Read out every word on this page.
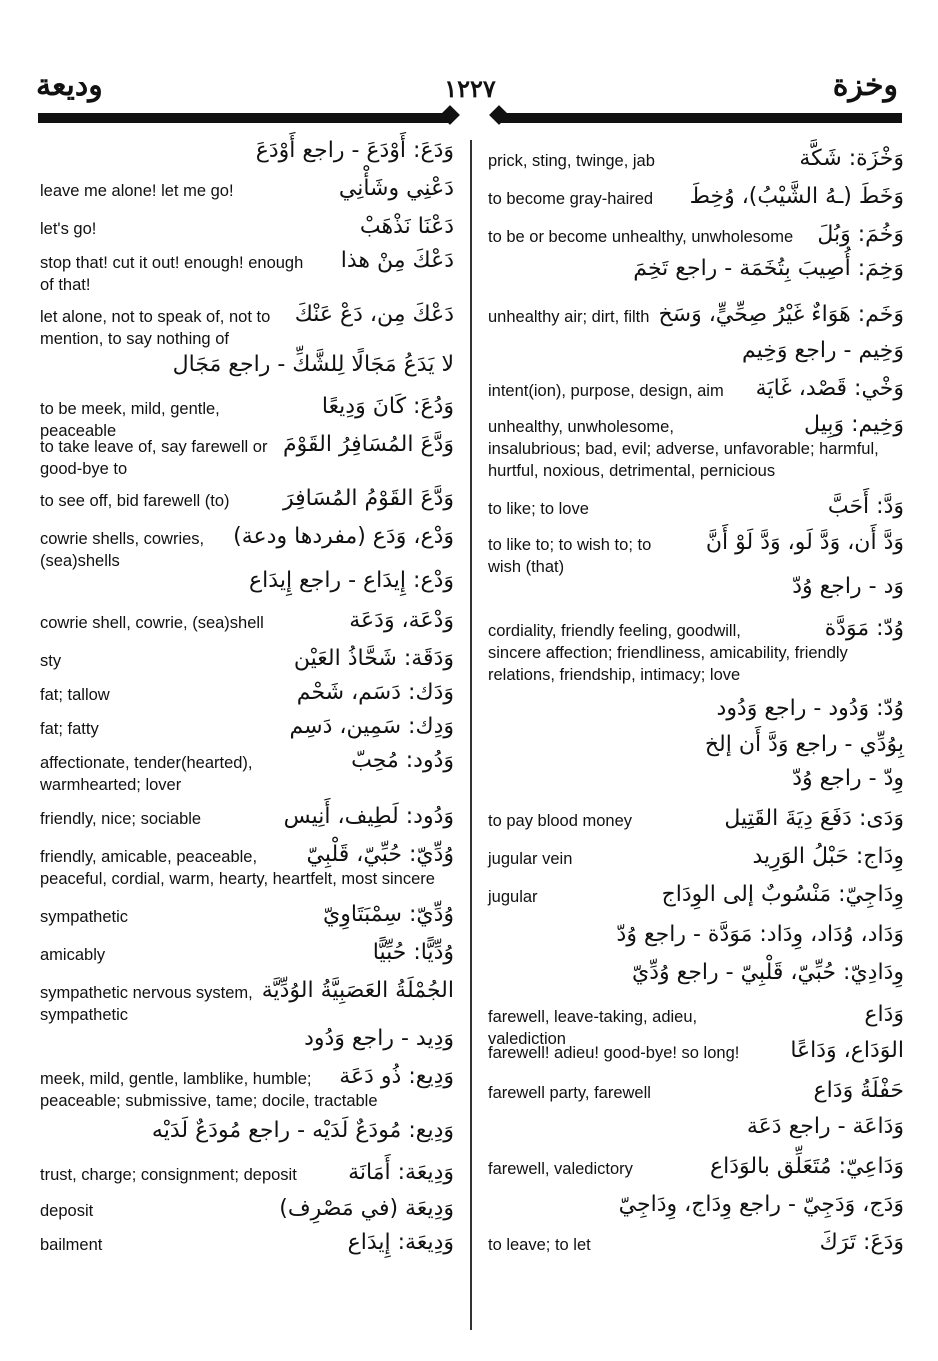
وخزة
١٢٢٧
وديعة
وَخْزَة: شَكَّة
prick, sting, twinge, jab
وَخَطَ (ـهُ الشَّيْبُ)، وُخِطَ
to become gray-haired
وَخُمَ: وَبُلَ
to be or become unhealthy, unwholesome
وَخِمَ: أُصِيبَ بِتُخَمَة - راجع تَخِمَ
وَخَم: هَوَاءٌ غَيْرُ صِحِّيٍّ، وَسَخ
unhealthy air; dirt, filth
وَخِيم - راجع وَخِيم
وَخْي: قَصْد، غَايَة
intent(ion), purpose, design, aim
وَخِيم: وَبِيل
unhealthy, unwholesome, insalubrious; bad, evil; adverse, unfavorable; harmful, hurtful, noxious, detrimental, pernicious
وَدَّ: أَحَبَّ
to like; to love
وَدَّ أَن، وَدَّ لَو، وَدَّ لَوْ أَنَّ
to like to; to wish to; to wish (that)
وَد - راجع وُدّ
وُدّ: مَوَدَّة
cordiality, friendly feeling, goodwill, sincere affection; friendliness, amicability, friendly relations, friendship, intimacy; love
وُدّ: وَدُود - راجع وَدُود
بِوُدِّي - راجع وَدَّ أَن إلخ
وِدّ - راجع وُدّ
وَدَى: دَفَعَ دِيَةَ القَتِيل
to pay blood money
وِدَاج: حَبْلُ الوَرِيد
jugular vein
وِدَاجِيّ: مَنْسُوبٌ إلى الوِدَاج
jugular
وَدَاد، وُدَاد، وِدَاد: مَوَدَّة - راجع وُدّ
وِدَادِيّ: حُبِّيّ، قَلْبِيّ - راجع وُدِّيّ
وَدَاع
farewell, leave-taking, adieu, valediction	الوَدَاع، وَدَاعًا
farewell! adieu! good-bye! so long!
حَفْلَةُ وَدَاع
farewell party, farewell
وَدَاعَة - راجع دَعَة
وَدَاعِيّ: مُتَعَلِّق بالوَدَاع
farewell, valedictory
وَدَج، وَدَجِيّ - راجع وِدَاج، وِدَاجِيّ
وَدَعَ: تَرَكَ
to leave; to let
وَدَعَ: أَوْدَعَ - راجع أَوْدَعَ
دَعْنِي وشَأْنِي
leave me alone! let me go!
دَعْنَا نَذْهَبْ
let's go!
دَعْكَ مِنْ هذا
stop that! cut it out! enough! enough of that!
دَعْكَ مِن، دَعْ عَنْكَ
let alone, not to speak of, not to mention, to say nothing of
لا يَدَعُ مَجَالًا لِلشَّكِّ - راجع مَجَال
وَدُعَ: كَانَ وَدِيعًا
to be meek, mild, gentle, peaceable
وَدَّعَ المُسَافِرُ القَوْمَ
to take leave of, say farewell or good-bye to
وَدَّعَ القَوْمُ المُسَافِرَ
to see off, bid farewell (to)
وَدْع، وَدَع (مفردها ودعة)
cowrie shells, cowries, (sea)shells
وَدْع: إِيدَاع - راجع إِيدَاع
وَدْعَة، وَدَعَة
cowrie shell, cowrie, (sea)shell
وَدَقَة: شَحَّاذُ العَيْن
sty
وَدَك: دَسَم، شَحْم
fat; tallow
وَدِك: سَمِين، دَسِم
fat; fatty
وَدُود: مُحِبّ
affectionate, tender(hearted), warmhearted; lover
وَدُود: لَطِيف، أَنِيس
friendly, nice; sociable
وُدِّيّ: حُبِّيّ، قَلْبِيّ
friendly, amicable, peaceable, peaceful, cordial, warm, hearty, heartfelt, most sincere
وُدِّيّ: سِمْبَتَاوِيّ
sympathetic
وُدِّيًّا: حُبِّيًّا
amicably
الجُمْلَةُ العَصَبِيَّةُ الوُدِّيَّة
sympathetic nervous system, sympathetic
وَدِيد - راجع وَدُود
وَدِيع: ذُو دَعَة
meek, mild, gentle, lamblike, humble; peaceable; submissive, tame; docile, tractable
وَدِيع: مُودَعٌ لَدَيْه - راجع مُودَعٌ لَدَيْه
وَدِيعَة: أَمَانَة
trust, charge; consignment; deposit
وَدِيعَة (في مَصْرِف)
deposit
وَدِيعَة: إِيدَاع
bailment
